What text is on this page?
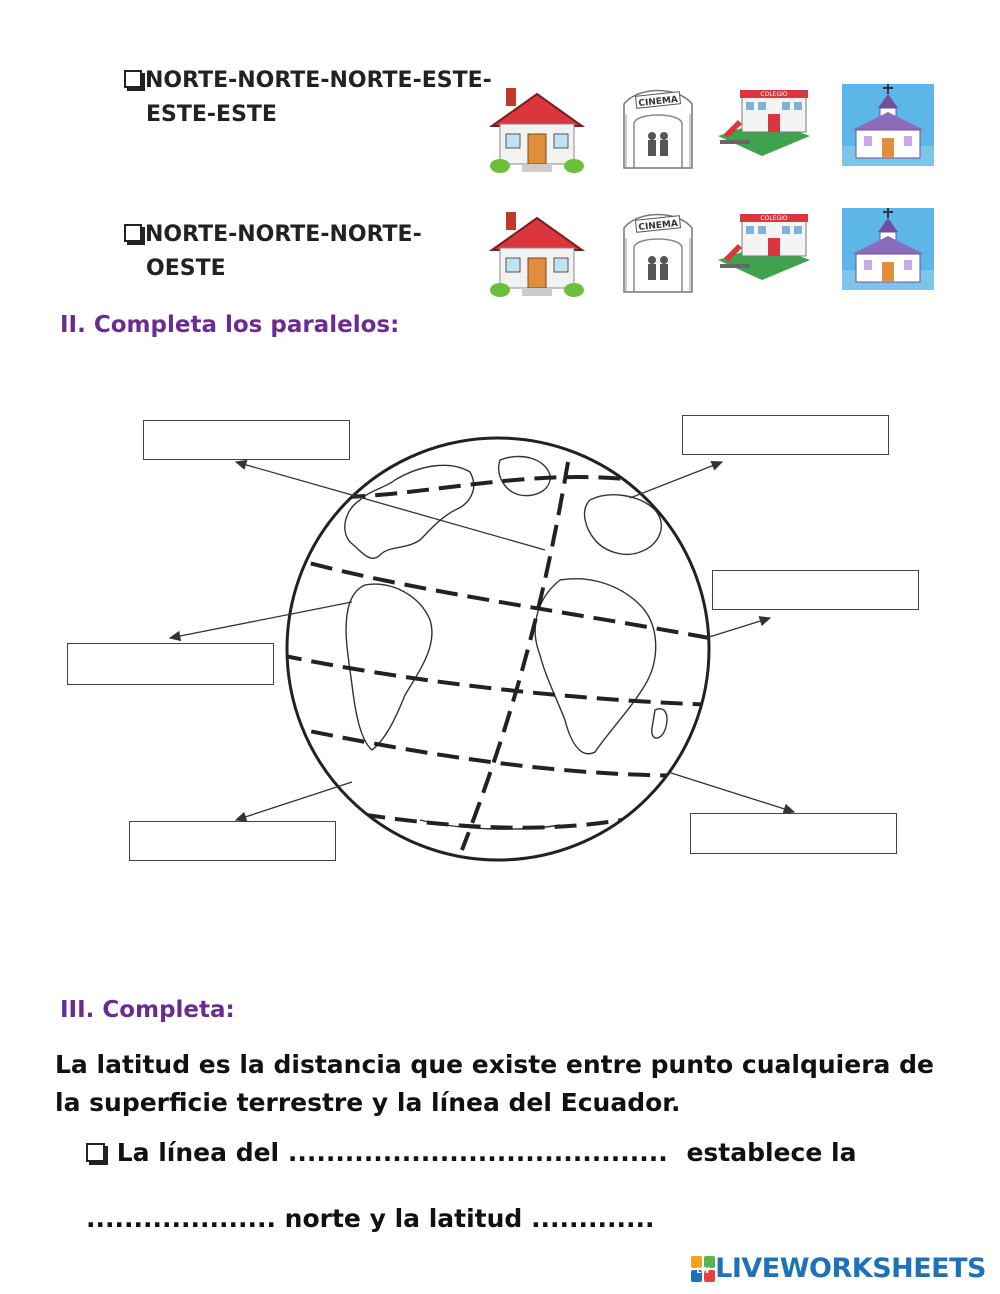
NORTE-NORTE-NORTE-ESTE-
ESTE-ESTE
NORTE-NORTE-NORTE-
OESTE
CINEMA
COLEGIO
CINEMA
COLEGIO
II. Completa los paralelos:
III. Completa:
La latitud es la distancia que existe entre punto cualquiera de
la superficie terrestre y la línea del Ecuador.
La línea del ........................................ establece la
.................... norte y la latitud .............
LW LIVEWORKSHEETS
